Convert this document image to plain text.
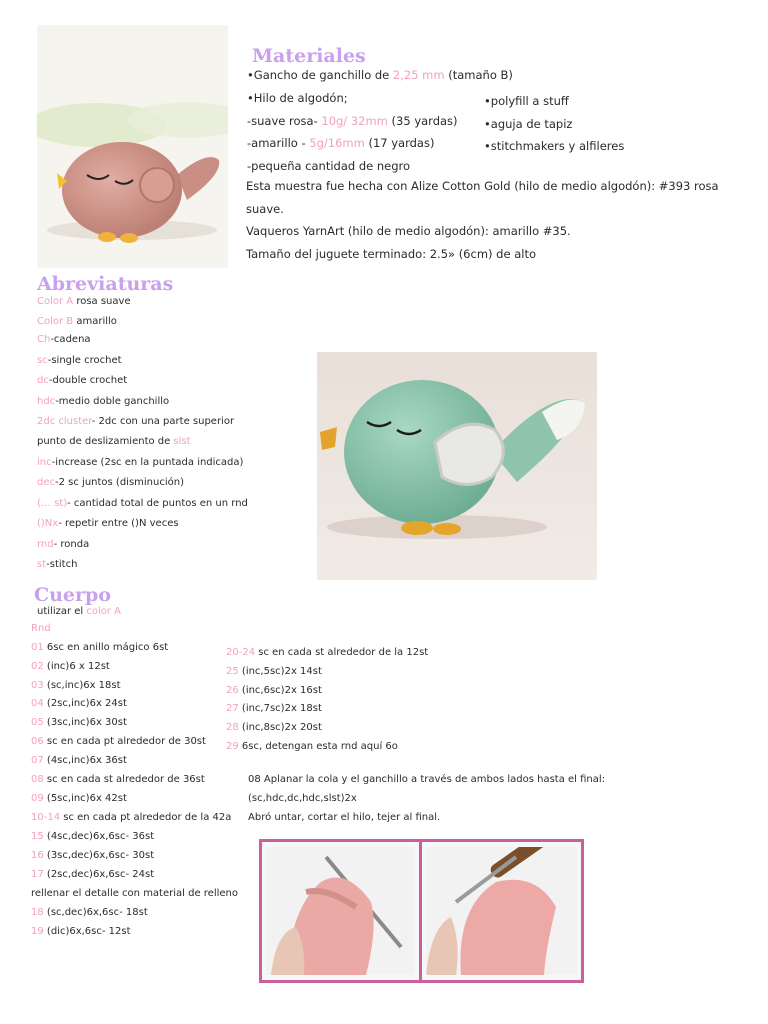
Materiales
•Gancho de ganchillo de 2,25 mm (tamaño B)
•Hilo de algodón;
-suave rosa- 10g/ 32mm (35 yardas)
-amarillo - 5g/16mm (17 yardas)
-pequeña cantidad de negro
•polyfill a stuff
•aguja de tapiz
•stitchmakers y alfileres
Esta muestra fue hecha con Alize Cotton Gold (hilo de medio algodón): #393 rosa
suave.
Vaqueros YarnArt (hilo de medio algodón): amarillo #35.
Tamaño del juguete terminado: 2.5» (6cm) de alto
Abreviaturas
Color A rosa suave
Color B amarillo
Ch-cadena
sc-single crochet
dc-double crochet
hdc-medio doble ganchillo
2dc cluster- 2dc con una parte superior
punto de deslizamiento de slst
inc-increase (2sc en la puntada indicada)
dec-2 sc juntos (disminución)
(… st)- cantidad total de puntos en un rnd
()Nx- repetir entre ()N veces
rnd- ronda
st-stitch
Cuerpo
utilizar el color A
Rnd
01 6sc en anillo mágico 6st
02 (inc)6 x 12st
03 (sc,inc)6x 18st
04 (2sc,inc)6x 24st
05 (3sc,inc)6x 30st
06 sc en cada pt alrededor de 30st
07 (4sc,inc)6x 36st
08 sc en cada st alrededor de 36st
09 (5sc,inc)6x 42st
10-14 sc en cada pt alrededor de la 42a
15 (4sc,dec)6x,6sc- 36st
16 (3sc,dec)6x,6sc- 30st
17 (2sc,dec)6x,6sc- 24st
rellenar el detalle con material de relleno
18 (sc,dec)6x,6sc- 18st
19 (dic)6x,6sc- 12st
20-24 sc en cada st alrededor de la 12st
25 (inc,5sc)2x 14st
26 (inc,6sc)2x 16st
27 (inc,7sc)2x 18st
28 (inc,8sc)2x 20st
29 6sc, detengan esta rnd aquí 6o
08 Aplanar la cola y el ganchillo a través de ambos lados hasta el final:
(sc,hdc,dc,hdc,slst)2x
Abró untar, cortar el hilo, tejer al final.
